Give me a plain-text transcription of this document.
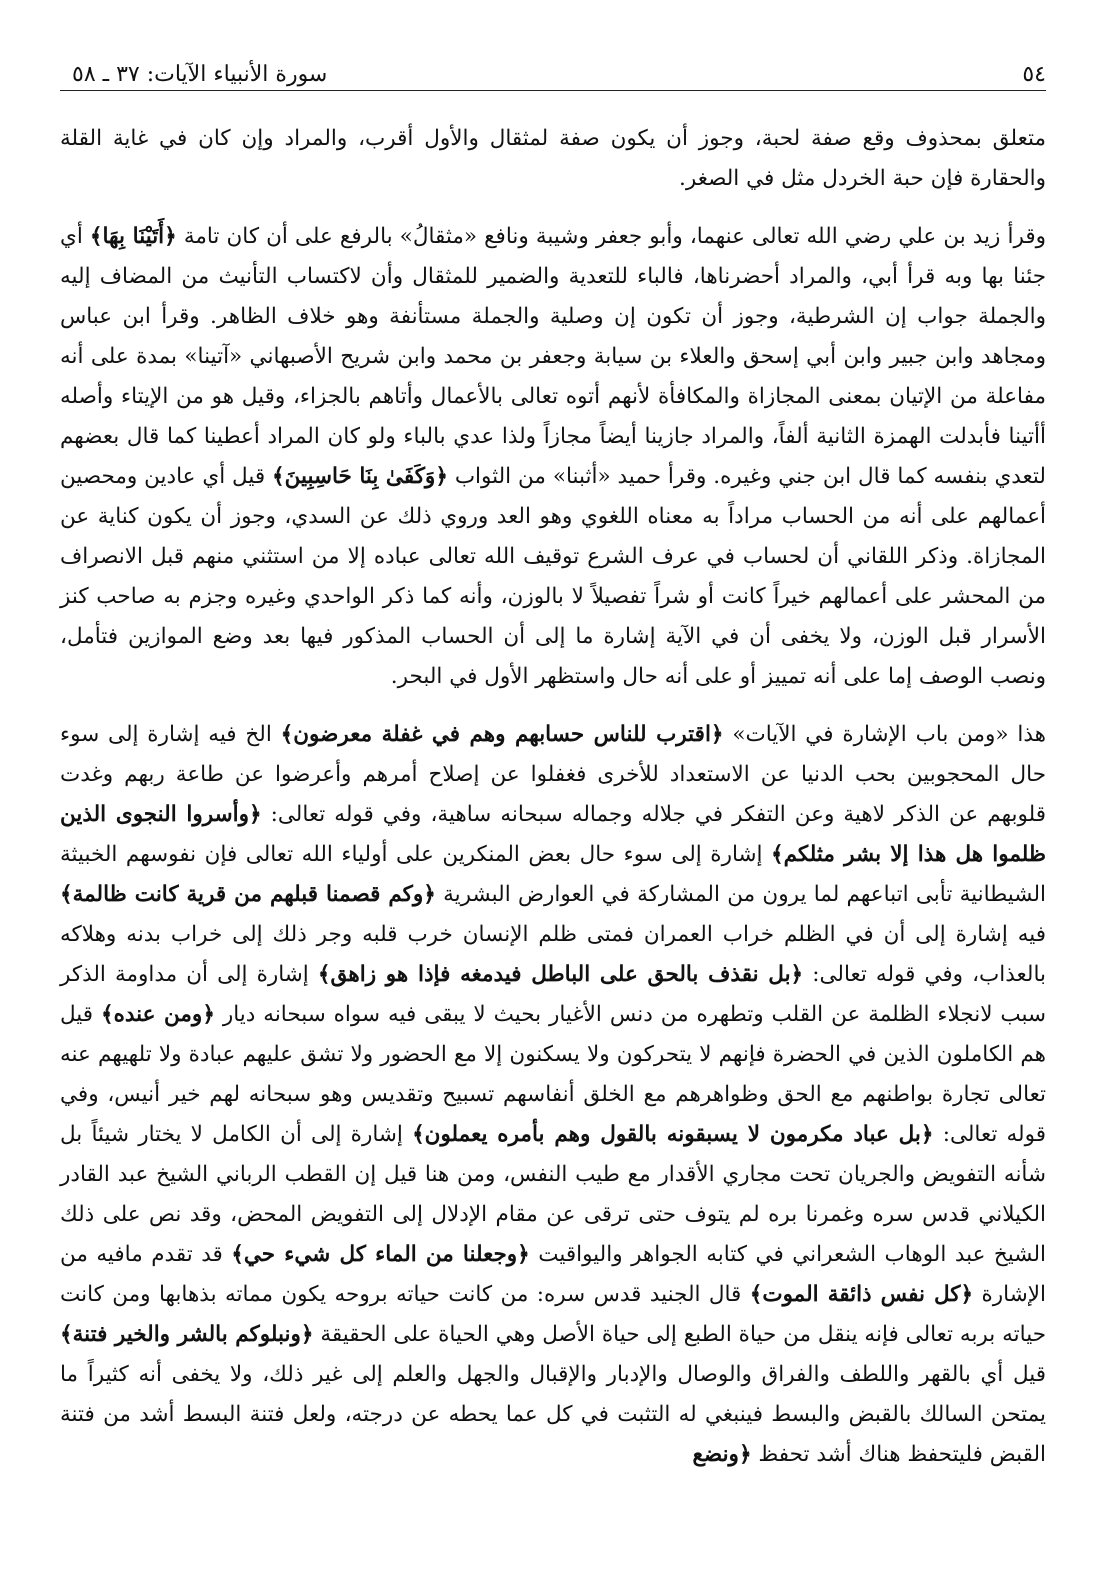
٥٤
سورة الأنبياء الآيات: ٣٧ ـ ٥٨

متعلق بمحذوف وقع صفة لحبة، وجوز أن يكون صفة لمثقال والأول أقرب، والمراد وإن كان في غاية القلة والحقارة فإن حبة الخردل مثل في الصغر.

وقرأ زيد بن علي رضي الله تعالى عنهما، وأبو جعفر وشيبة ونافع «مثقالُ» بالرفع على أن كان تامة ﴿أَتَيْنَا بِهَا﴾ أي جئنا بها وبه قرأ أبي، والمراد أحضرناها، فالباء للتعدية والضمير للمثقال وأن لاكتساب التأنيث من المضاف إليه والجملة جواب إن الشرطية، وجوز أن تكون إن وصلية والجملة مستأنفة وهو خلاف الظاهر. وقرأ ابن عباس ومجاهد وابن جبير وابن أبي إسحق والعلاء بن سيابة وجعفر بن محمد وابن شريح الأصبهاني «آتينا» بمدة على أنه مفاعلة من الإتيان بمعنى المجازاة والمكافأة لأنهم أتوه تعالى بالأعمال وأتاهم بالجزاء، وقيل هو من الإيتاء وأصله أأتينا فأبدلت الهمزة الثانية ألفاً، والمراد جازينا أيضاً مجازاً ولذا عدي بالباء ولو كان المراد أعطينا كما قال بعضهم لتعدي بنفسه كما قال ابن جني وغيره. وقرأ حميد «أثبنا» من الثواب ﴿وَكَفَىٰ بِنَا حَاسِبِينَ﴾ قيل أي عادين ومحصين أعمالهم على أنه من الحساب مراداً به معناه اللغوي وهو العد وروي ذلك عن السدي، وجوز أن يكون كناية عن المجازاة. وذكر اللقاني أن لحساب في عرف الشرع توقيف الله تعالى عباده إلا من استثني منهم قبل الانصراف من المحشر على أعمالهم خيراً كانت أو شراً تفصيلاً لا بالوزن، وأنه كما ذكر الواحدي وغيره وجزم به صاحب كنز الأسرار قبل الوزن، ولا يخفى أن في الآية إشارة ما إلى أن الحساب المذكور فيها بعد وضع الموازين فتأمل، ونصب الوصف إما على أنه تمييز أو على أنه حال واستظهر الأول في البحر.

هذا «ومن باب الإشارة في الآيات» ﴿اقترب للناس حسابهم وهم في غفلة معرضون﴾ الخ فيه إشارة إلى سوء حال المحجوبين بحب الدنيا عن الاستعداد للأخرى فغفلوا عن إصلاح أمرهم وأعرضوا عن طاعة ربهم وغدت قلوبهم عن الذكر لاهية وعن التفكر في جلاله وجماله سبحانه ساهية، وفي قوله تعالى: ﴿وأسروا النجوى الذين ظلموا هل هذا إلا بشر مثلكم﴾ إشارة إلى سوء حال بعض المنكرين على أولياء الله تعالى فإن نفوسهم الخبيثة الشيطانية تأبى اتباعهم لما يرون من المشاركة في العوارض البشرية ﴿وكم قصمنا قبلهم من قرية كانت ظالمة﴾ فيه إشارة إلى أن في الظلم خراب العمران فمتى ظلم الإنسان خرب قلبه وجر ذلك إلى خراب بدنه وهلاكه بالعذاب، وفي قوله تعالى: ﴿بل نقذف بالحق على الباطل فيدمغه فإذا هو زاهق﴾ إشارة إلى أن مداومة الذكر سبب لانجلاء الظلمة عن القلب وتطهره من دنس الأغيار بحيث لا يبقى فيه سواه سبحانه ديار ﴿ومن عنده﴾ قيل هم الكاملون الذين في الحضرة فإنهم لا يتحركون ولا يسكنون إلا مع الحضور ولا تشق عليهم عبادة ولا تلهيهم عنه تعالى تجارة بواطنهم مع الحق وظواهرهم مع الخلق أنفاسهم تسبيح وتقديس وهو سبحانه لهم خير أنيس، وفي قوله تعالى: ﴿بل عباد مكرمون لا يسبقونه بالقول وهم بأمره يعملون﴾ إشارة إلى أن الكامل لا يختار شيئاً بل شأنه التفويض والجريان تحت مجاري الأقدار مع طيب النفس، ومن هنا قيل إن القطب الرباني الشيخ عبد القادر الكيلاني قدس سره وغمرنا بره لم يتوف حتى ترقى عن مقام الإدلال إلى التفويض المحض، وقد نص على ذلك الشيخ عبد الوهاب الشعراني في كتابه الجواهر واليواقيت ﴿وجعلنا من الماء كل شيء حي﴾ قد تقدم مافيه من الإشارة ﴿كل نفس ذائقة الموت﴾ قال الجنيد قدس سره: من كانت حياته بروحه يكون مماته بذهابها ومن كانت حياته بربه تعالى فإنه ينقل من حياة الطبع إلى حياة الأصل وهي الحياة على الحقيقة ﴿ونبلوكم بالشر والخير فتنة﴾ قيل أي بالقهر واللطف والفراق والوصال والإدبار والإقبال والجهل والعلم إلى غير ذلك، ولا يخفى أنه كثيراً ما يمتحن السالك بالقبض والبسط فينبغي له التثبت في كل عما يحطه عن درجته، ولعل فتنة البسط أشد من فتنة القبض فليتحفظ هناك أشد تحفظ ﴿ونضع
